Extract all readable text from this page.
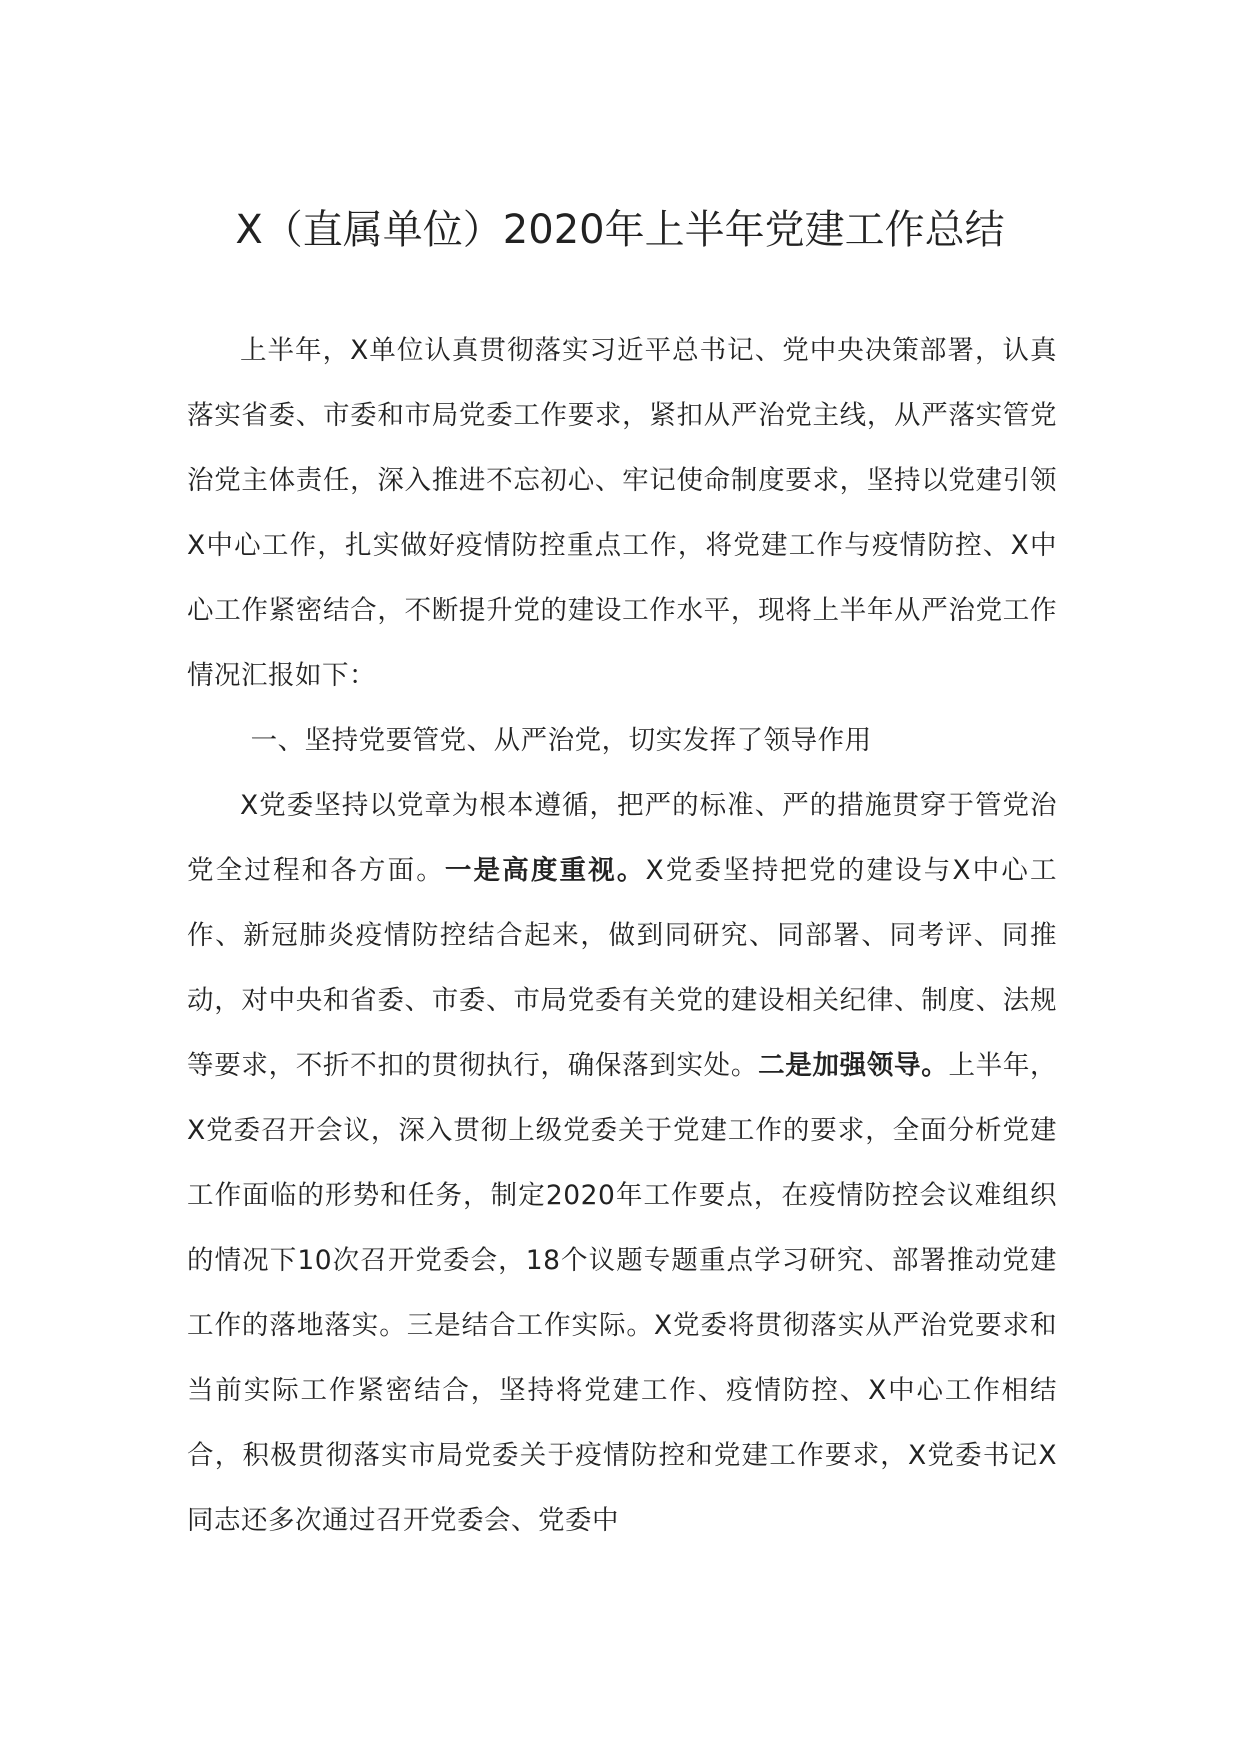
X（直属单位）2020年上半年党建工作总结

上半年，X单位认真贯彻落实习近平总书记、党中央决策部署，认真落实省委、市委和市局党委工作要求，紧扣从严治党主线，从严落实管党治党主体责任，深入推进不忘初心、牢记使命制度要求，坚持以党建引领X中心工作，扎实做好疫情防控重点工作，将党建工作与疫情防控、X中心工作紧密结合，不断提升党的建设工作水平，现将上半年从严治党工作情况汇报如下：

一、坚持党要管党、从严治党，切实发挥了领导作用

X党委坚持以党章为根本遵循，把严的标准、严的措施贯穿于管党治党全过程和各方面。一是高度重视。X党委坚持把党的建设与X中心工作、新冠肺炎疫情防控结合起来，做到同研究、同部署、同考评、同推动，对中央和省委、市委、市局党委有关党的建设相关纪律、制度、法规等要求，不折不扣的贯彻执行，确保落到实处。二是加强领导。上半年，X党委召开会议，深入贯彻上级党委关于党建工作的要求，全面分析党建工作面临的形势和任务，制定2020年工作要点，在疫情防控会议难组织的情况下10次召开党委会，18个议题专题重点学习研究、部署推动党建工作的落地落实。三是结合工作实际。X党委将贯彻落实从严治党要求和当前实际工作紧密结合，坚持将党建工作、疫情防控、X中心工作相结合，积极贯彻落实市局党委关于疫情防控和党建工作要求，X党委书记X同志还多次通过召开党委会、党委中
